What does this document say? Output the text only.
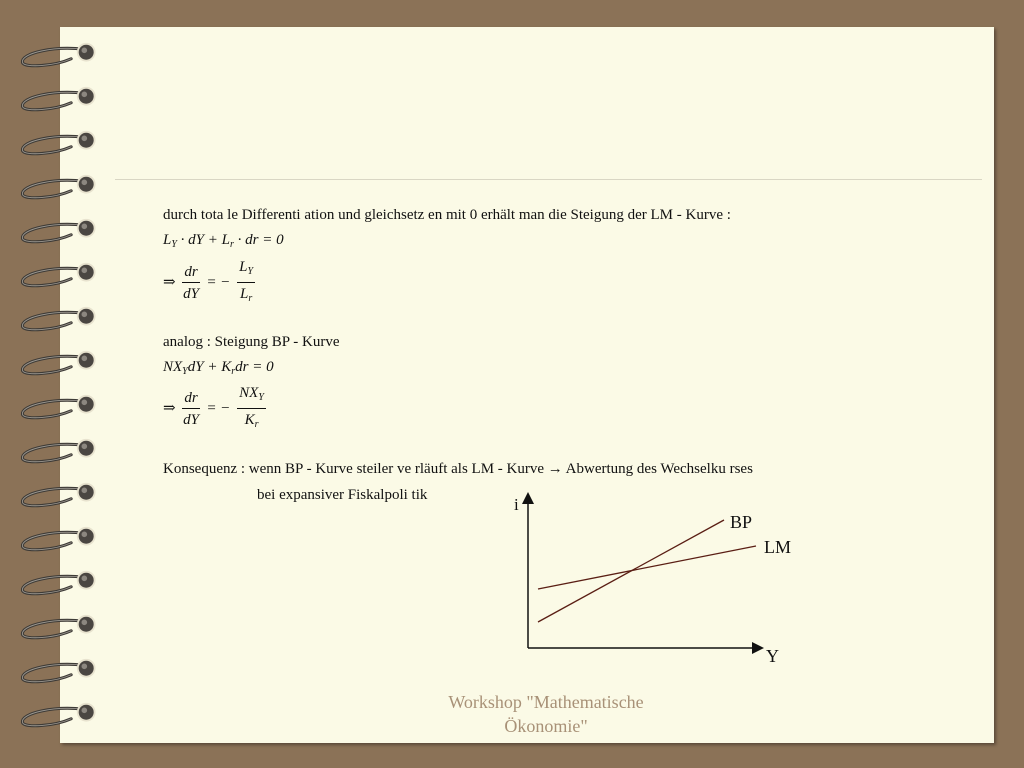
durch tota le Differenti ation und gleichsetz en mit 0 erhält man die Steigung der LM - Kurve :
$L_Y$ · dY + $L_r$ · dr = 0
⇒ $\frac{dr}{dY}$ = − $\frac{L_Y}{L_r}$
analog : Steigung BP - Kurve
$NX_YdY + K_rdr = 0$
⇒ $\frac{dr}{dY}$ = − $\frac{NX_Y}{K_r}$
Konsequenz : wenn BP - Kurve steiler ve rläuft als LM - Kurve → Abwertung des Wechselku rses
bei expansiver Fiskalpoli tik	i
Y
BP
LM
Workshop "Mathematische
Ökonomie"
